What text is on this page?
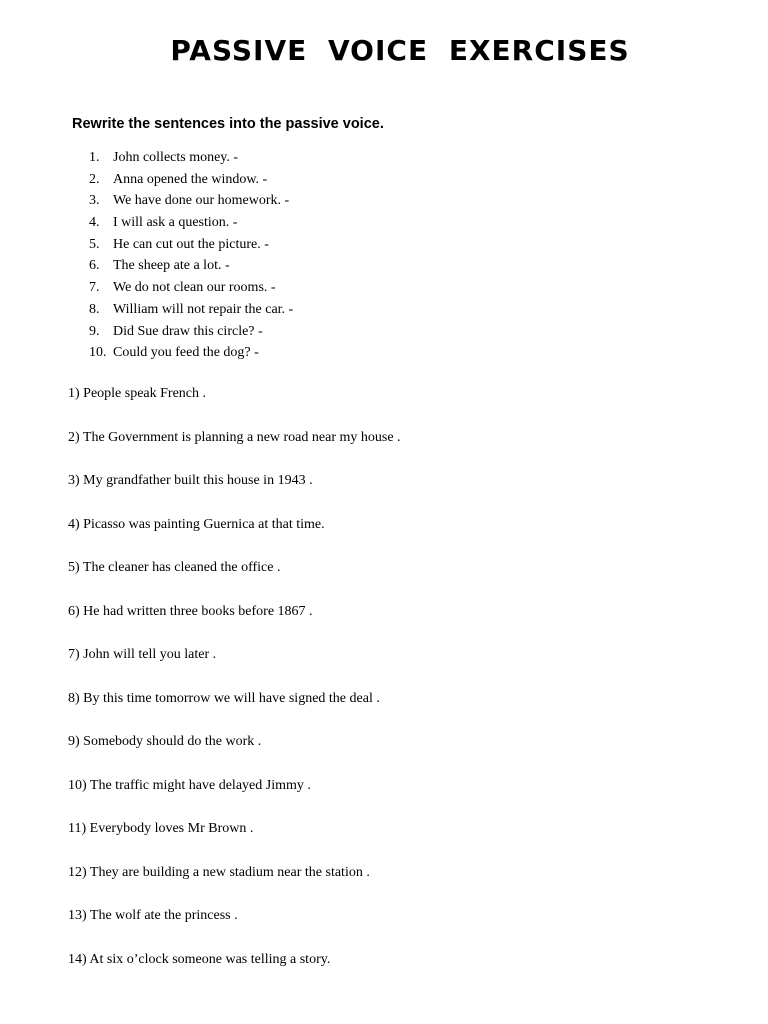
PASSIVE VOICE EXERCISES

Rewrite the sentences into the passive voice.

1. John collects money. -
2. Anna opened the window. -
3. We have done our homework. -
4. I will ask a question. -
5. He can cut out the picture. -
6. The sheep ate a lot. -
7. We do not clean our rooms. -
8. William will not repair the car. -
9. Did Sue draw this circle? -
10. Could you feed the dog? -
1) People speak French .
2) The Government is planning a new road near my house .
3) My grandfather built this house in 1943 .
4) Picasso was painting Guernica at that time.
5) The cleaner has cleaned the office .
6) He had written three books before 1867 .
7) John will tell you later .
8) By this time tomorrow we will have signed the deal .
9) Somebody should do the work .
10) The traffic might have delayed Jimmy .
11) Everybody loves Mr Brown .
12) They are building a new stadium near the station .
13) The wolf ate the princess .
14) At six o’clock someone was telling a story.
